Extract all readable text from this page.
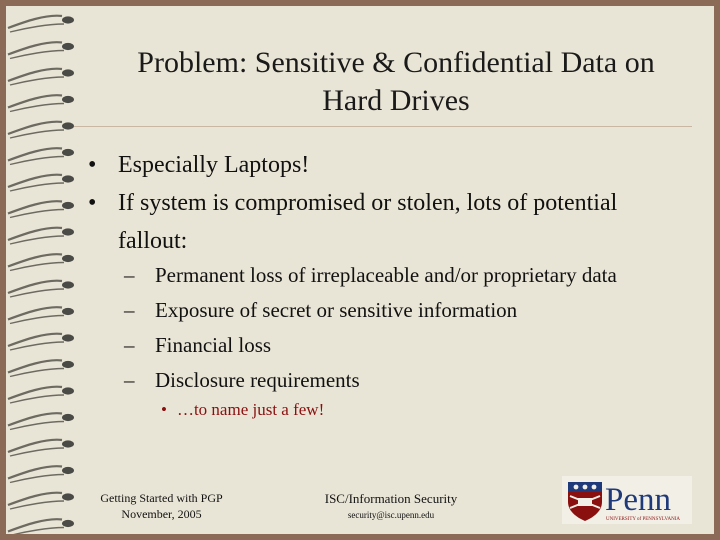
Problem: Sensitive & Confidential Data on
Hard Drives
• Especially Laptops!
• If system is compromised or stolen, lots of potential fallout:
– Permanent loss of irreplaceable and/or proprietary data
– Exposure of secret or sensitive information
– Financial loss
– Disclosure requirements
• …to name just a few!
Getting Started with PGP
November, 2005
ISC/Information Security
security@isc.upenn.edu	Penn
UNIVERSITY of PENNSYLVANIA
